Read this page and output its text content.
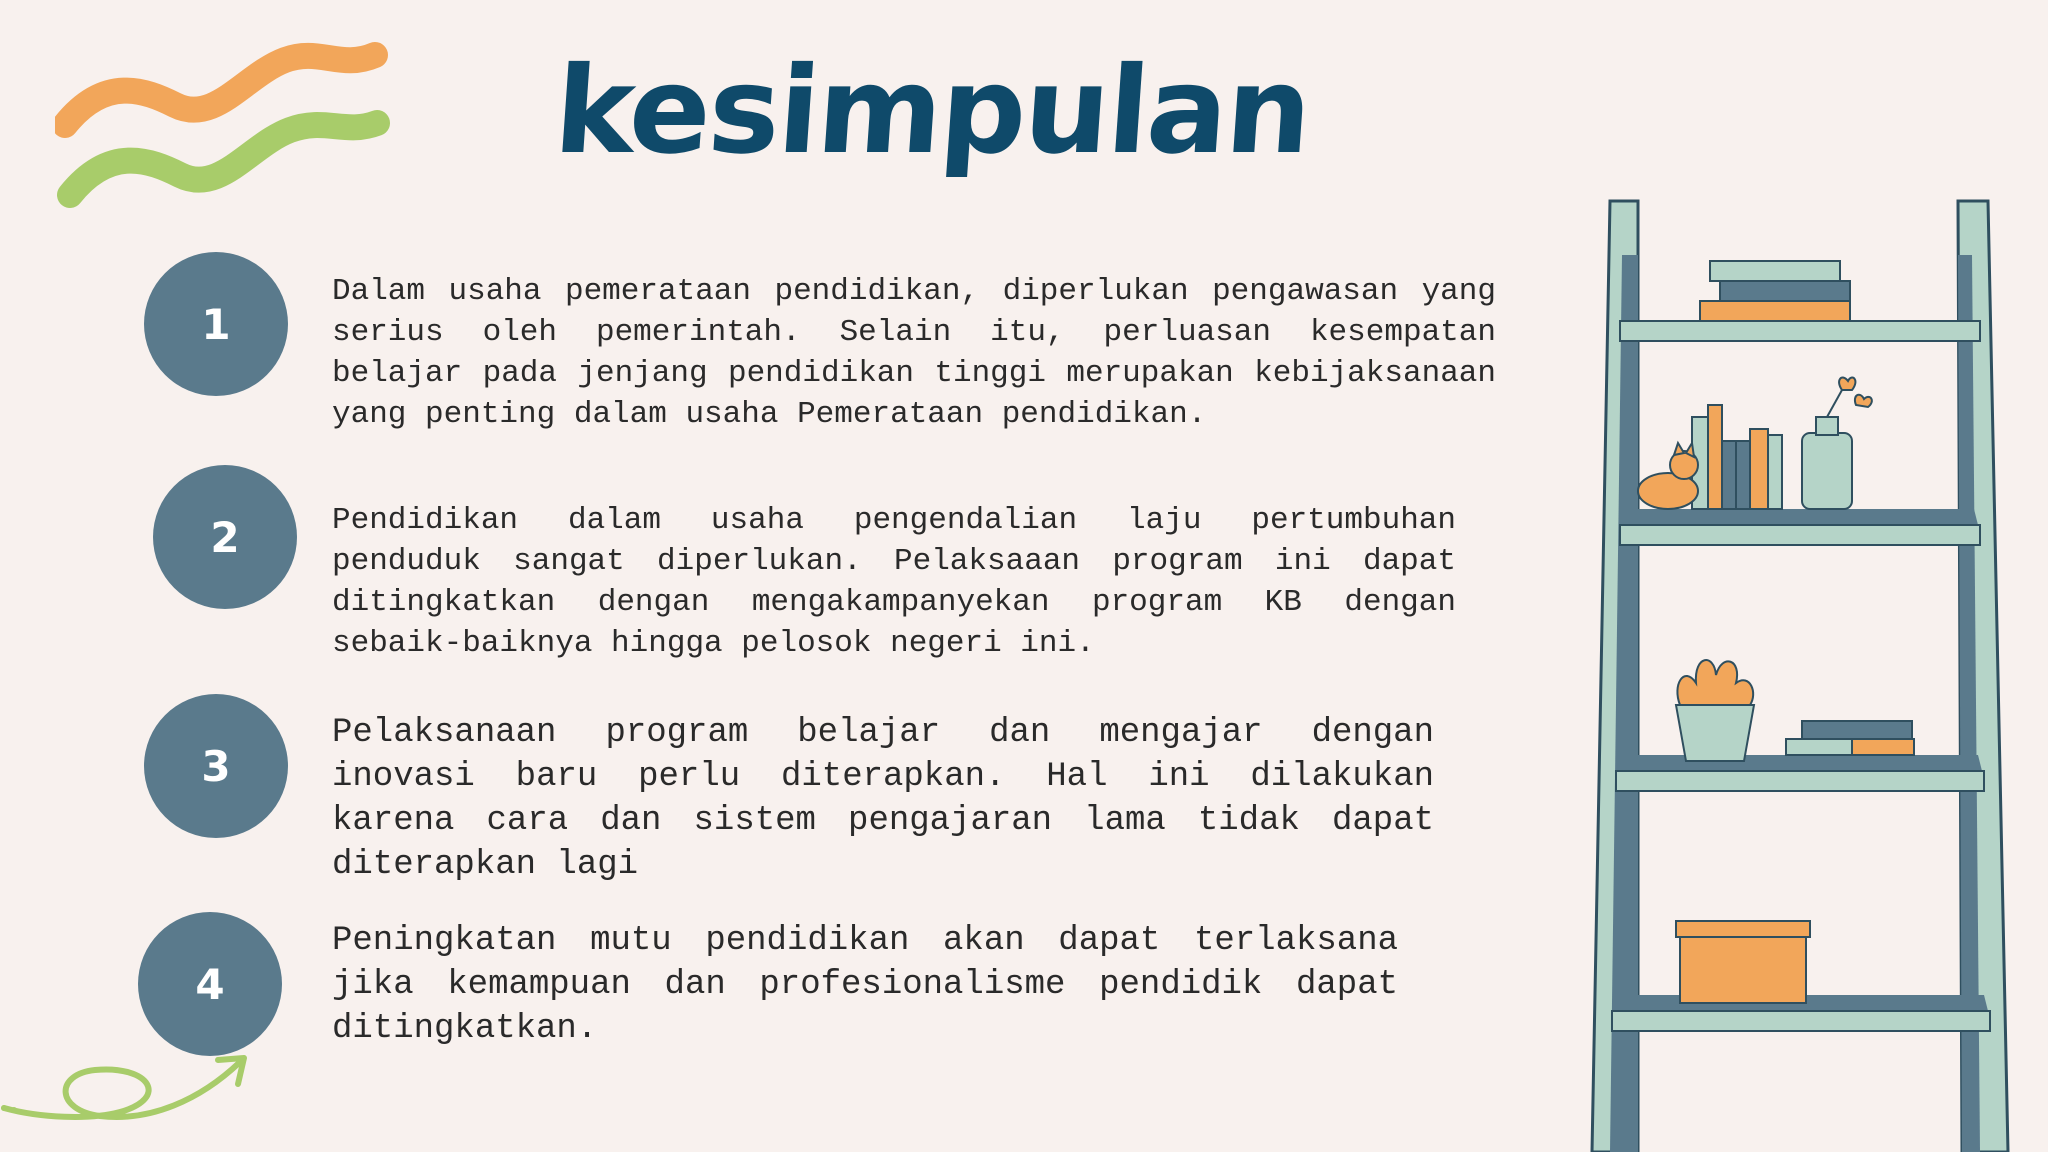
kesimpulan
1
2
3
4

Dalam usaha pemerataan pendidikan, diperlukan pengawasan yang serius oleh pemerintah. Selain itu, perluasan kesempatan belajar pada jenjang pendidikan tinggi merupakan kebijaksanaan yang penting dalam usaha Pemerataan pendidikan.

Pendidikan dalam usaha pengendalian laju pertumbuhan penduduk sangat diperlukan. Pelaksaaan program ini dapat ditingkatkan dengan mengakampanyekan program KB dengan sebaik-baiknya hingga pelosok negeri ini.

Pelaksanaan program belajar dan mengajar dengan inovasi baru perlu diterapkan. Hal ini dilakukan karena cara dan sistem pengajaran lama tidak dapat diterapkan lagi

Peningkatan mutu pendidikan akan dapat terlaksana jika kemampuan dan profesionalisme pendidik dapat ditingkatkan.
